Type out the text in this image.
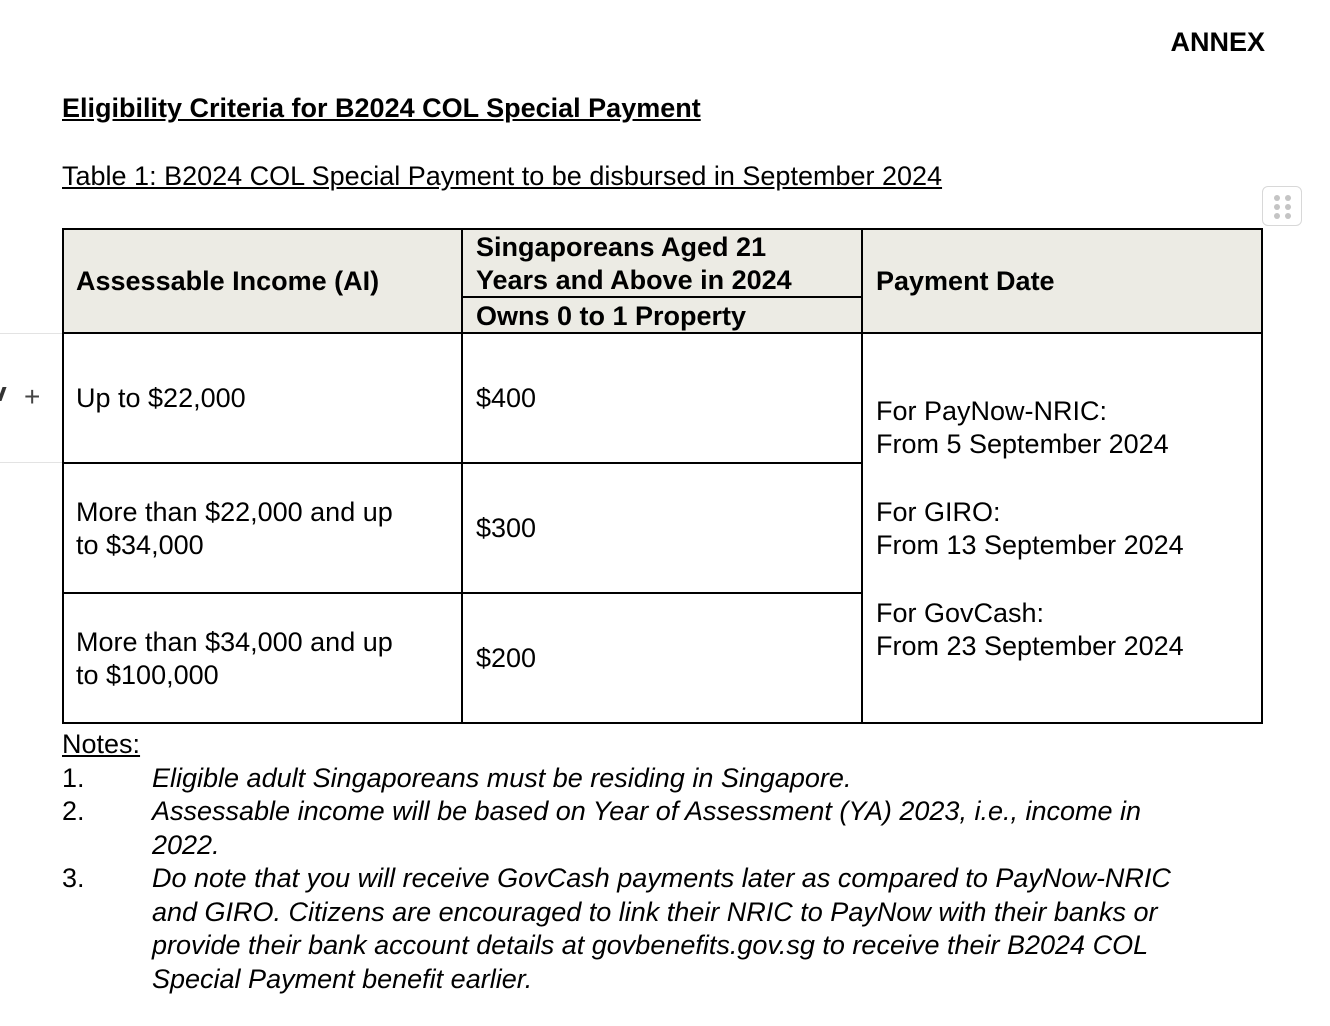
ANNEX
Eligibility Criteria for B2024 COL Special Payment
Table 1: B2024 COL Special Payment to be disbursed in September 2024
+
Assessable Income (AI)
Singaporeans Aged 21
Years and Above in 2024
Owns 0 to 1 Property
Payment Date
Up to $22,000	$400
More than $22,000 and up
to $34,000
$300
More than $34,000 and up
to $100,000
$200
For PayNow-NRIC:
From 5 September 2024
For GIRO:
From 13 September 2024
For GovCash:
From 23 September 2024
Notes:
1. Eligible adult Singaporeans must be residing in Singapore.
2. Assessable income will be based on Year of Assessment (YA) 2023, i.e., income in
2022.
3. Do note that you will receive GovCash payments later as compared to PayNow-NRIC
and GIRO. Citizens are encouraged to link their NRIC to PayNow with their banks or
provide their bank account details at govbenefits.gov.sg to receive their B2024 COL
Special Payment benefit earlier.
